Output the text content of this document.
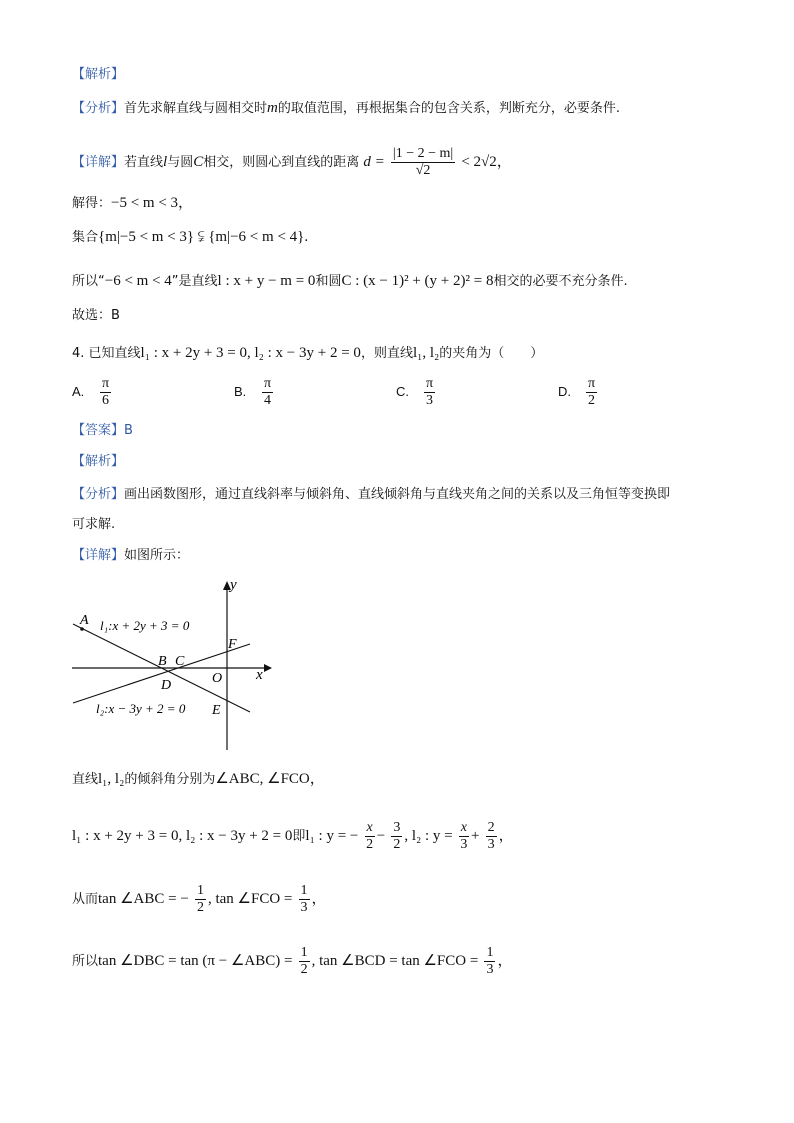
【解析】
【分析】首先求解直线与圆相交时m的取值范围，再根据集合的包含关系，判断充分，必要条件.
【详解】若直线l与圆C相交，则圆心到直线的距离 $d = \frac{|1 - 2 - m|}{√2} < 2√2$，
解得：−5 < m < 3，
集合{m|−5 < m < 3} ⫋ {m|−6 < m < 4}.
所以“−6 < m < 4”是直线l : x + y − m = 0和圆C : (x − 1)² + (y + 2)² = 8相交的必要不充分条件.
故选：B
4. 已知直线l₁ : x + 2y + 3 = 0, l₂ : x − 3y + 2 = 0，则直线l₁, l₂的夹角为（　　）
A. $\frac{\pi}{6}$	B. $\frac{\pi}{4}$	C. $\frac{\pi}{3}$	D. $\frac{\pi}{2}$
【答案】B
【解析】
【分析】画出函数图形，通过直线斜率与倾斜角、直线倾斜角与直线夹角之间的关系以及三角恒等变换即
可求解.
【详解】如图所示：
y
x
A
B C
D
F
O
E
l₁:x + 2y + 3 = 0
l₂:x − 3y + 2 = 0
直线l₁, l₂的倾斜角分别为∠ABC, ∠FCO，
l₁ : x + 2y + 3 = 0, l₂ : x − 3y + 2 = 0即l₁ : y = − $\frac{x}{2} - \frac{3}{2}$ , l₂ : $y = \frac{x}{3} + \frac{2}{3}$ ，
从而tan ∠ABC = − $\frac{1}{2}$ , tan ∠FCO = $\frac{1}{3}$ ，
所以tan ∠DBC = tan (π − ∠ABC) = $\frac{1}{2}$ , tan ∠BCD = tan ∠FCO = $\frac{1}{3}$ ，
